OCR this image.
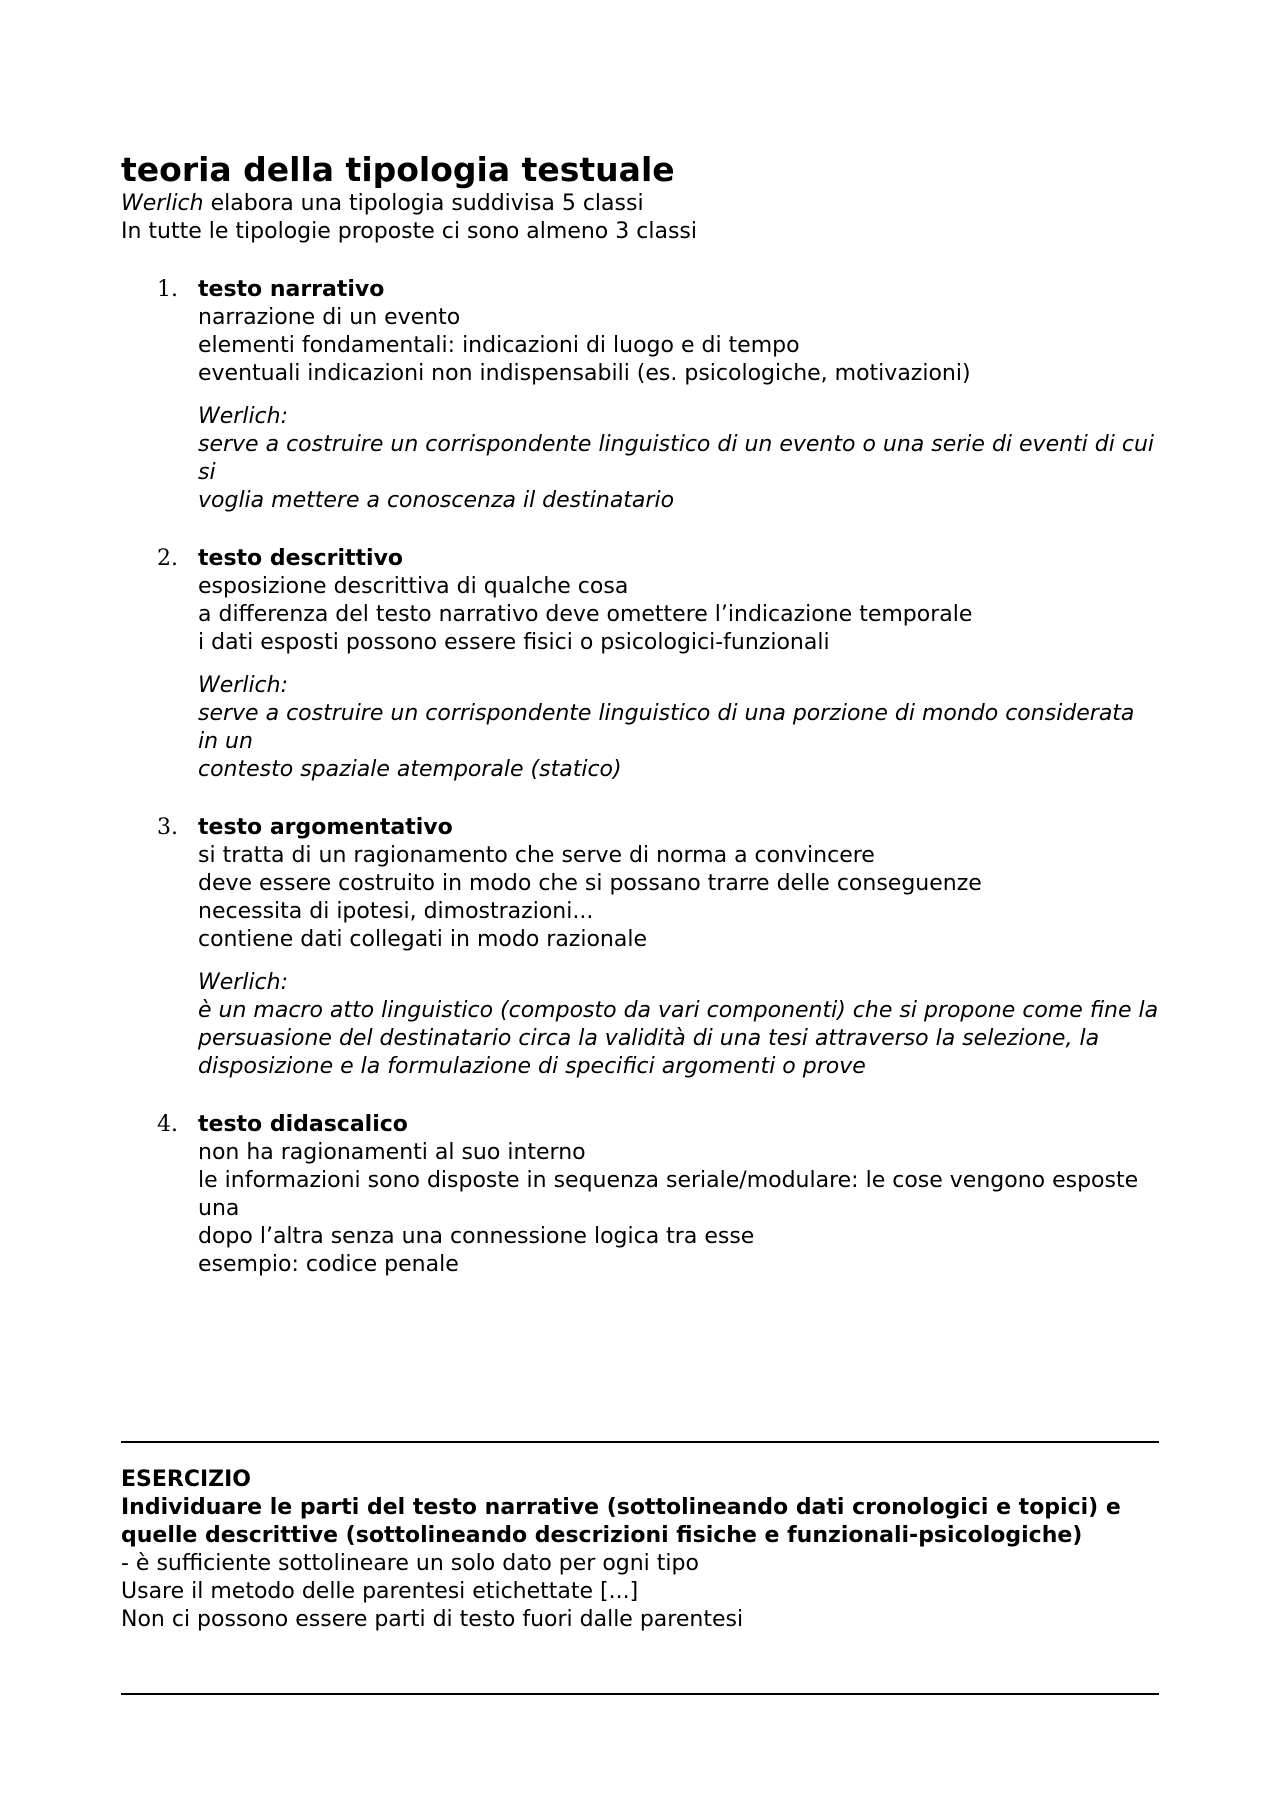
teoria della tipologia testuale
Werlich elabora una tipologia suddivisa 5 classi
In tutte le tipologie proposte ci sono almeno 3 classi
1. testo narrativo
narrazione di un evento
elementi fondamentali: indicazioni di luogo e di tempo
eventuali indicazioni non indispensabili (es. psicologiche, motivazioni)
Werlich:
serve a costruire un corrispondente linguistico di un evento o una serie di eventi di cui si
voglia mettere a conoscenza il destinatario
2. testo descrittivo
esposizione descrittiva di qualche cosa
a differenza del testo narrativo deve omettere l’indicazione temporale
i dati esposti possono essere fisici o psicologici-funzionali
Werlich:
serve a costruire un corrispondente linguistico di una porzione di mondo considerata in un
contesto spaziale atemporale (statico)
3. testo argomentativo
si tratta di un ragionamento che serve di norma a convincere
deve essere costruito in modo che si possano trarre delle conseguenze
necessita di ipotesi, dimostrazioni...
contiene dati collegati in modo razionale
Werlich:
è un macro atto linguistico (composto da vari componenti) che si propone come fine la
persuasione del destinatario circa la validità di una tesi attraverso la selezione, la
disposizione e la formulazione di specifici argomenti o prove
4. testo didascalico
non ha ragionamenti al suo interno
le informazioni sono disposte in sequenza seriale/modulare: le cose vengono esposte una
dopo l’altra senza una connessione logica tra esse
esempio: codice penale
ESERCIZIO
Individuare le parti del testo narrative (sottolineando dati cronologici e topici) e quelle descrittive (sottolineando descrizioni fisiche e funzionali-psicologiche)
- è sufficiente sottolineare un solo dato per ogni tipo
Usare il metodo delle parentesi etichettate [...]
Non ci possono essere parti di testo fuori dalle parentesi
